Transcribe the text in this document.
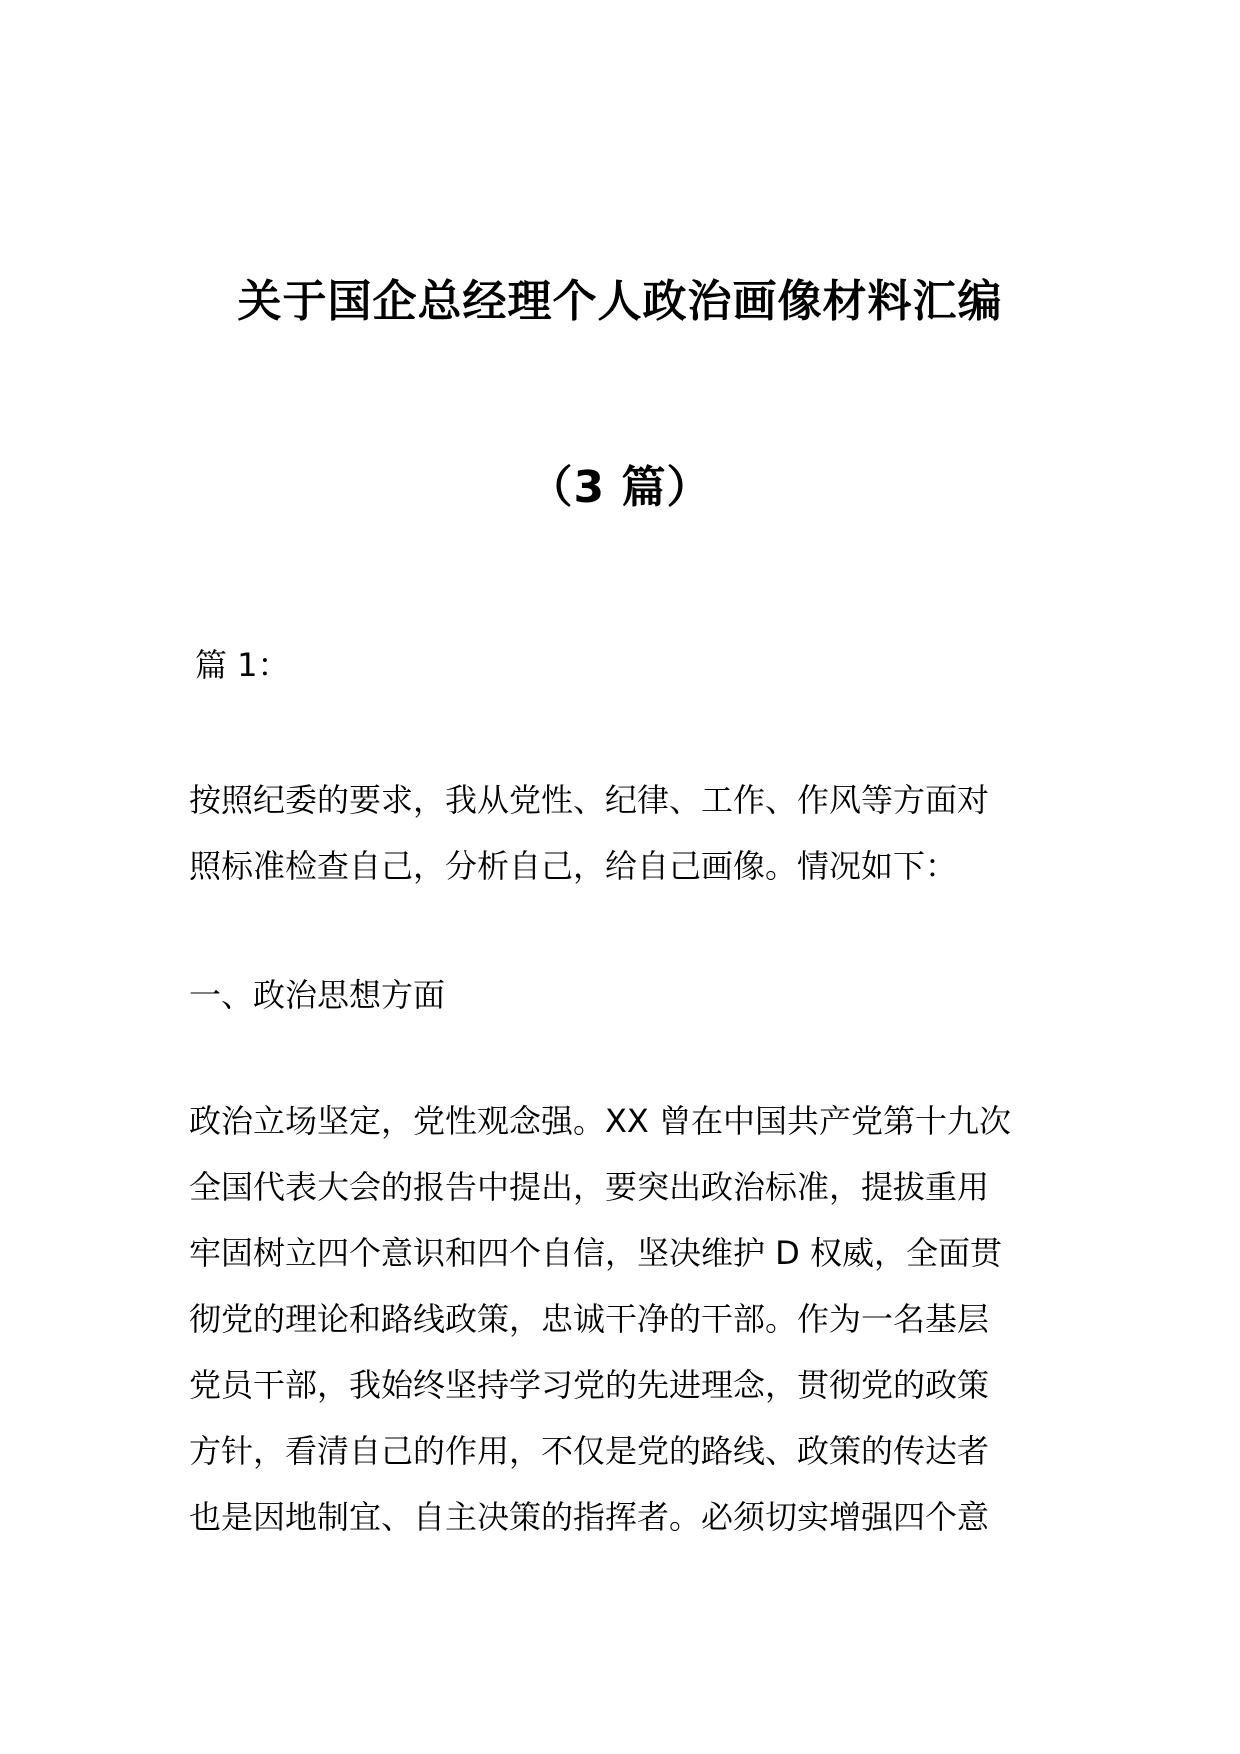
关于国企总经理个人政治画像材料汇编
（3 篇）
篇 1：
按照纪委的要求，我从党性、纪律、工作、作风等方面对
照标准检查自己，分析自己，给自己画像。情况如下：
一、政治思想方面
政治立场坚定，党性观念强。XX 曾在中国共产党第十九次
全国代表大会的报告中提出，要突出政治标准，提拔重用
牢固树立四个意识和四个自信，坚决维护 D 权威，全面贯
彻党的理论和路线政策，忠诚干净的干部。作为一名基层
党员干部，我始终坚持学习党的先进理念，贯彻党的政策
方针，看清自己的作用，不仅是党的路线、政策的传达者
也是因地制宜、自主决策的指挥者。必须切实增强四个意
